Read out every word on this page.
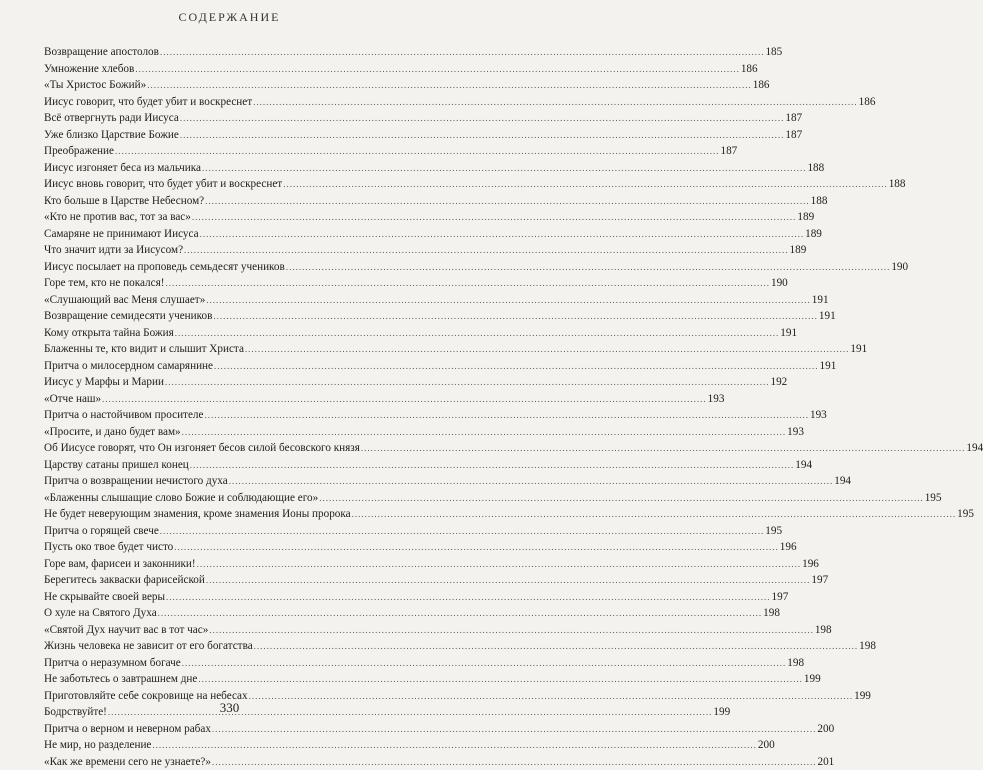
СОДЕРЖАНИЕ
Возвращение апостолов .....	185
Умножение хлебов .....	186
«Ты Христос Божий» .....	186
Иисус говорит, что будет убит и воскреснет .....	186
Всё отвергнуть ради Иисуса .....	187
Уже близко Царствие Божие .....	187
Преображение .....	187
Иисус изгоняет беса из мальчика .....	188
Иисус вновь говорит, что будет убит и воскреснет .....	188
Кто больше в Царстве Небесном? .....	188
«Кто не против вас, тот за вас» .....	189
Самаряне не принимают Иисуса .....	189
Что значит идти за Иисусом? .....	189
Иисус посылает на проповедь семьдесят учеников .....	190
Горе тем, кто не покался! .....	190
«Слушающий вас Меня слушает» .....	191
Возвращение семидесяти учеников .....	191
Кому открыта тайна Божия .....	191
Блаженны те, кто видит и слышит Христа .....	191
Притча о милосердном самарянине .....	191
Иисус у Марфы и Марии .....	192
«Отче наш» .....	193
Притча о настойчивом просителе .....	193
«Просите, и дано будет вам» .....	193
Об Иисусе говорят, что Он изгоняет бесов силой бесовского князя .....	194
Царству сатаны пришел конец .....	194
Притча о возвращении нечистого духа .....	194
«Блаженны слышащие слово Божие и соблюдающие его» .....	195
Не будет неверующим знамения, кроме знамения Ионы пророка .....	195
Притча о горящей свече .....	195
Пусть око твое будет чисто .....	196
Горе вам, фарисеи и законники! .....	196
Берегитесь закваски фарисейской .....	197
Не скрывайте своей веры .....	197
О хуле на Святого Духа .....	198
«Святой Дух научит вас в тот час» .....	198
Жизнь человека не зависит от его богатства .....	198
Притча о неразумном богаче .....	198
Не заботьтесь о завтрашнем дне .....	199
Приготовляйте себе сокровище на небесах .....	199
Бодрствуйте! .....	199
Притча о верном и неверном рабах .....	200
Не мир, но разделение .....	200
«Как же времени сего не узнаете?» .....	201
330
